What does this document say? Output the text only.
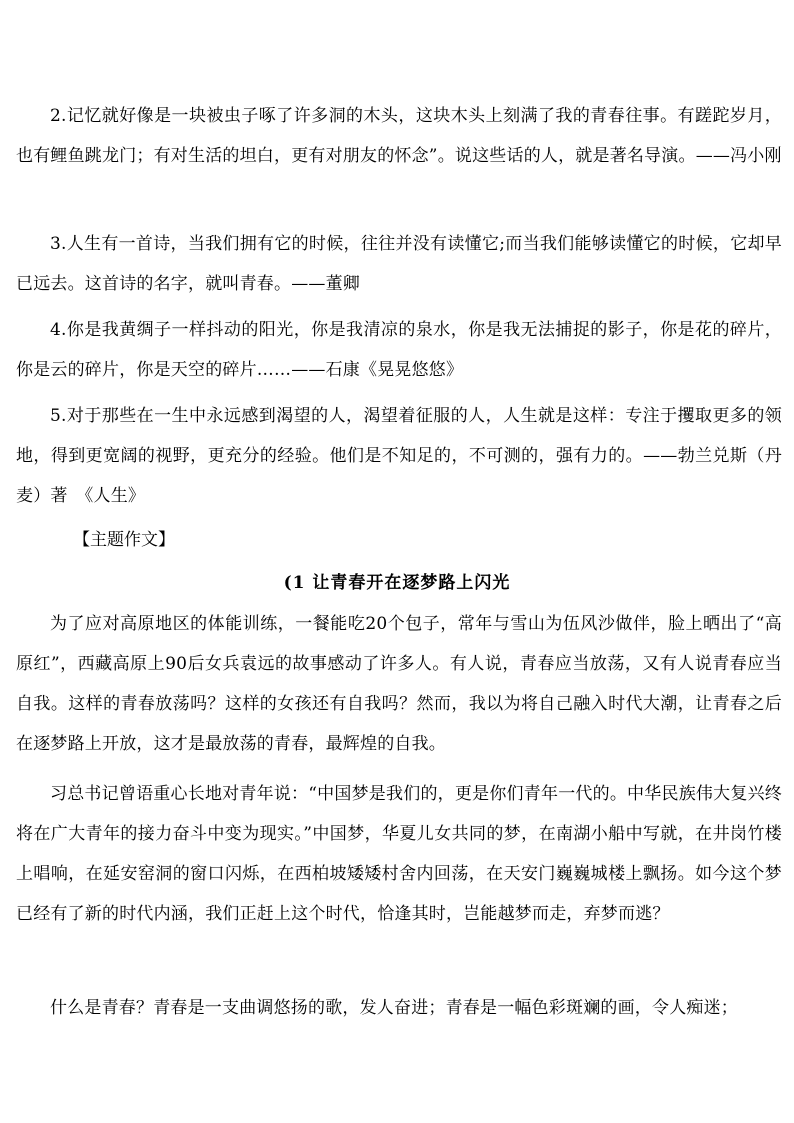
2.记忆就好像是一块被虫子啄了许多洞的木头，这块木头上刻满了我的青春往事。有蹉跎岁月，也有鲤鱼跳龙门；有对生活的坦白，更有对朋友的怀念”。说这些话的人，就是著名导演。——冯小刚

3.人生有一首诗，当我们拥有它的时候，往往并没有读懂它;而当我们能够读懂它的时候，它却早已远去。这首诗的名字，就叫青春。——董卿

4.你是我黄绸子一样抖动的阳光，你是我清凉的泉水，你是我无法捕捉的影子，你是花的碎片，你是云的碎片，你是天空的碎片……——石康《晃晃悠悠》

5.对于那些在一生中永远感到渴望的人，渴望着征服的人，人生就是这样：专注于攫取更多的领地，得到更宽阔的视野，更充分的经验。他们是不知足的，不可测的，强有力的。——勃兰兑斯（丹麦）著　《人生》

【主题作文】

(1 让青春开在逐梦路上闪光

为了应对高原地区的体能训练，一餐能吃20个包子，常年与雪山为伍风沙做伴，脸上晒出了“高原红”，西藏高原上90后女兵袁远的故事感动了许多人。有人说，青春应当放荡，又有人说青春应当自我。这样的青春放荡吗？这样的女孩还有自我吗？然而，我以为将自己融入时代大潮，让青春之后在逐梦路上开放，这才是最放荡的青春，最辉煌的自我。

习总书记曾语重心长地对青年说：“中国梦是我们的，更是你们青年一代的。中华民族伟大复兴终将在广大青年的接力奋斗中变为现实。”中国梦，华夏儿女共同的梦，在南湖小船中写就，在井岗竹楼上唱响，在延安窑洞的窗口闪烁，在西柏坡矮矮村舍内回荡，在天安门巍巍城楼上飘扬。如今这个梦已经有了新的时代内涵，我们正赶上这个时代，恰逢其时，岂能越梦而走，弃梦而逃？

什么是青春？青春是一支曲调悠扬的歌，发人奋进；青春是一幅色彩斑斓的画，令人痴迷；
